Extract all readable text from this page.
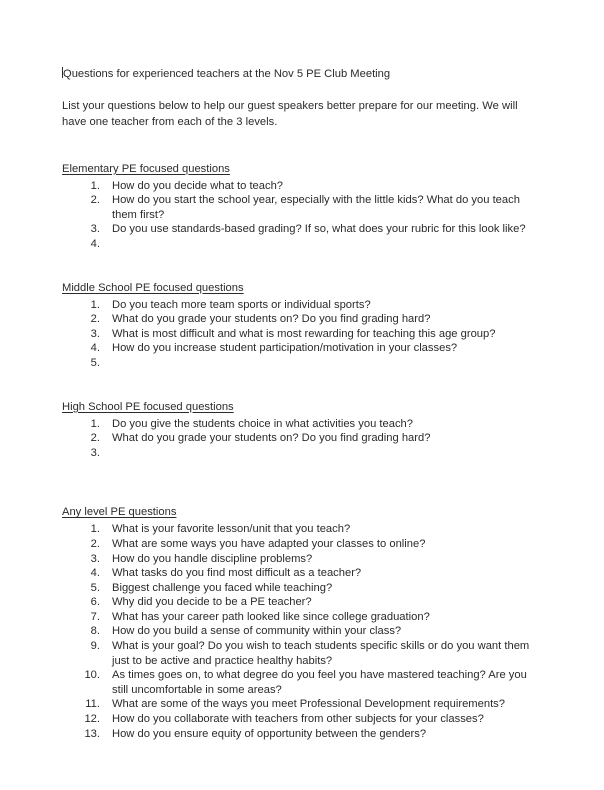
Questions for experienced teachers at the Nov 5 PE Club Meeting

List your questions below to help our guest speakers better prepare for our meeting. We will have one teacher from each of the 3 levels.

Elementary PE focused questions
1. How do you decide what to teach?
2. How do you start the school year, especially with the little kids? What do you teach them first?
3. Do you use standards-based grading? If so, what does your rubric for this look like?
4.
Middle School PE focused questions
1. Do you teach more team sports or individual sports?
2. What do you grade your students on? Do you find grading hard?
3. What is most difficult and what is most rewarding for teaching this age group?
4. How do you increase student participation/motivation in your classes?
5.
High School PE focused questions
1. Do you give the students choice in what activities you teach?
2. What do you grade your students on? Do you find grading hard?
3.
Any level PE questions
1. What is your favorite lesson/unit that you teach?
2. What are some ways you have adapted your classes to online?
3. How do you handle discipline problems?
4. What tasks do you find most difficult as a teacher?
5. Biggest challenge you faced while teaching?
6. Why did you decide to be a PE teacher?
7. What has your career path looked like since college graduation?
8. How do you build a sense of community within your class?
9. What is your goal? Do you wish to teach students specific skills or do you want them just to be active and practice healthy habits?
10. As times goes on, to what degree do you feel you have mastered teaching? Are you still uncomfortable in some areas?
11. What are some of the ways you meet Professional Development requirements?
12. How do you collaborate with teachers from other subjects for your classes?
13. How do you ensure equity of opportunity between the genders?
